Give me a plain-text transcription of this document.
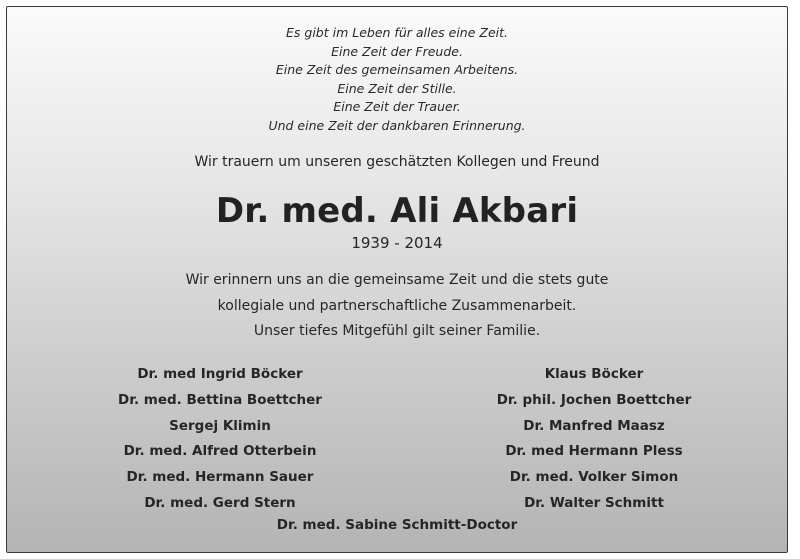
Es gibt im Leben für alles eine Zeit.
Eine Zeit der Freude.
Eine Zeit des gemeinsamen Arbeitens.
Eine Zeit der Stille.
Eine Zeit der Trauer.
Und eine Zeit der dankbaren Erinnerung.
Wir trauern um unseren geschätzten Kollegen und Freund
Dr. med. Ali Akbari
1939 - 2014
Wir erinnern uns an die gemeinsame Zeit und die stets gute
kollegiale und partnerschaftliche Zusammenarbeit.
Unser tiefes Mitgefühl gilt seiner Familie.
Dr. med Ingrid Böcker
Dr. med. Bettina Boettcher
Sergej Klimin
Dr. med. Alfred Otterbein
Dr. med. Hermann Sauer
Dr. med. Gerd Stern
Klaus Böcker
Dr. phil. Jochen Boettcher
Dr. Manfred Maasz
Dr. med Hermann Pless
Dr. med. Volker Simon
Dr. Walter Schmitt
Dr. med. Sabine Schmitt-Doctor
